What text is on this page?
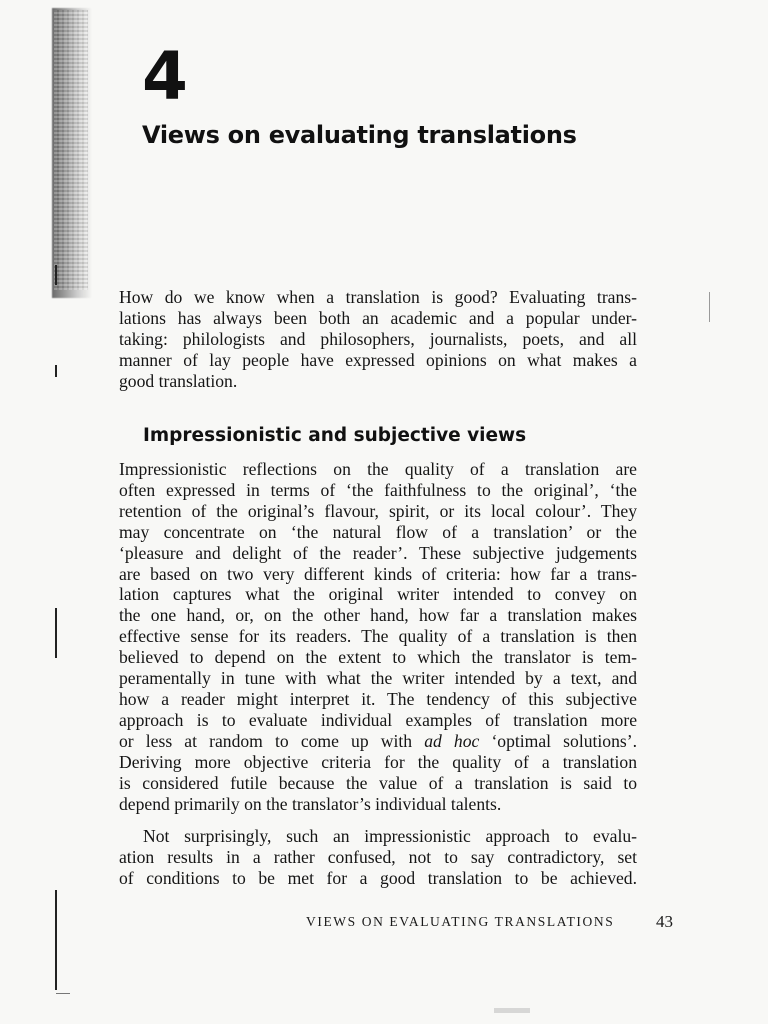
4
Views on evaluating translations
How do we know when a translation is good? Evaluating trans-
lations has always been both an academic and a popular under-
taking: philologists and philosophers, journalists, poets, and all
manner of lay people have expressed opinions on what makes a
good translation.
Impressionistic and subjective views
Impressionistic reflections on the quality of a translation are
often expressed in terms of ‘the faithfulness to the original’, ‘the
retention of the original’s flavour, spirit, or its local colour’. They
may concentrate on ‘the natural flow of a translation’ or the
‘pleasure and delight of the reader’. These subjective judgements
are based on two very different kinds of criteria: how far a trans-
lation captures what the original writer intended to convey on
the one hand, or, on the other hand, how far a translation makes
effective sense for its readers. The quality of a translation is then
believed to depend on the extent to which the translator is tem-
peramentally in tune with what the writer intended by a text, and
how a reader might interpret it. The tendency of this subjective
approach is to evaluate individual examples of translation more
or less at random to come up with ad hoc ‘optimal solutions’.
Deriving more objective criteria for the quality of a translation
is considered futile because the value of a translation is said to
depend primarily on the translator’s individual talents.
Not surprisingly, such an impressionistic approach to evalu-
ation results in a rather confused, not to say contradictory, set
of conditions to be met for a good translation to be achieved.
VIEWS ON EVALUATING TRANSLATIONS 43
